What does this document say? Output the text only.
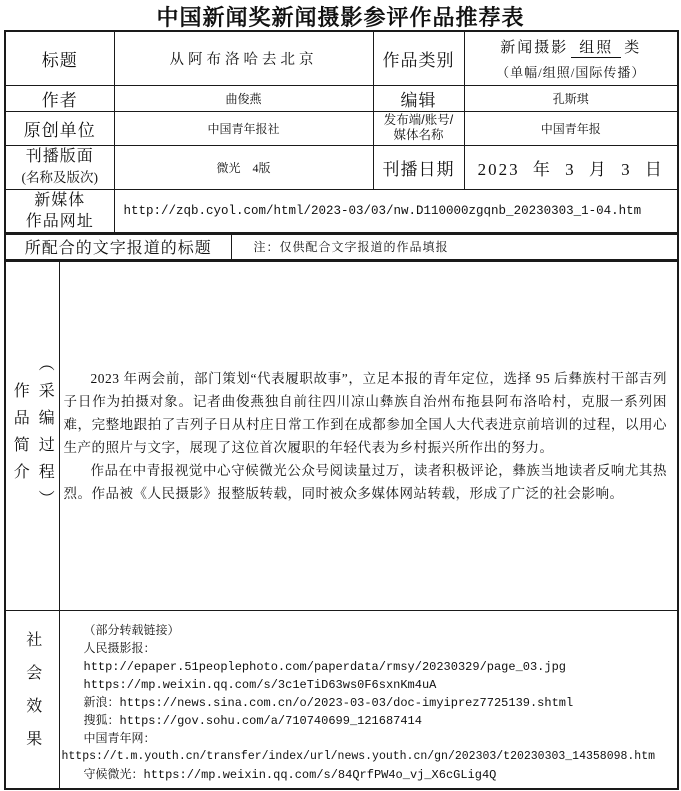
中国新闻奖新闻摄影参评作品推荐表
标题	从阿布洛哈去北京	作品类别	新闻摄影 组照 类
（单幅/组照/国际传播）

作者	曲俊燕	编辑	孔斯琪
原创单位	中国青年报社	发布端/账号/
媒体名称	中国青年报

刊播版面
(名称及版次)	微光　4版	刊播日期	2023 年 3 月 3 日

新媒体
作品网址	http://zqb.cyol.com/html/2023-03/03/nw.D110000zgqnb_20230303_1-04.htm		
所配合的文字报道的标题	注：仅供配合文字报道的作品填报
作品简介 （采编过程）	2023 年两会前，部门策划“代表履职故事”，立足本报的青年定位，选择 95 后彝族村干部吉列子日作为拍摄对象。记者曲俊燕独自前往四川凉山彝族自治州布拖县阿布洛哈村，克服一系列困难，完整地跟拍了吉列子日从村庄日常工作到在成都参加全国人大代表进京前培训的过程，以用心生产的照片与文字，展现了这位首次履职的年轻代表为乡村振兴所作出的努力。

作品在中青报视觉中心守候微光公众号阅读量过万，读者积极评论，彝族当地读者反响尤其热烈。作品被《人民摄影》报整版转载，同时被众多媒体网站转载，形成了广泛的社会影响。

社会效果	（部分转载链接）
人民摄影报：
http://epaper.51peoplephoto.com/paperdata/rmsy/20230329/page_03.jpg
https://mp.weixin.qq.com/s/3c1eTiD63ws0F6sxnKm4uA
新浪：https://news.sina.com.cn/o/2023-03-03/doc-imyiprez7725139.shtml
搜狐：https://gov.sohu.com/a/710740699_121687414
中国青年网：
https://t.m.youth.cn/transfer/index/url/news.youth.cn/gn/202303/t20230303_14358098.htm
守候微光：https://mp.weixin.qq.com/s/84QrfPW4o_vj_X6cGLig4Q
